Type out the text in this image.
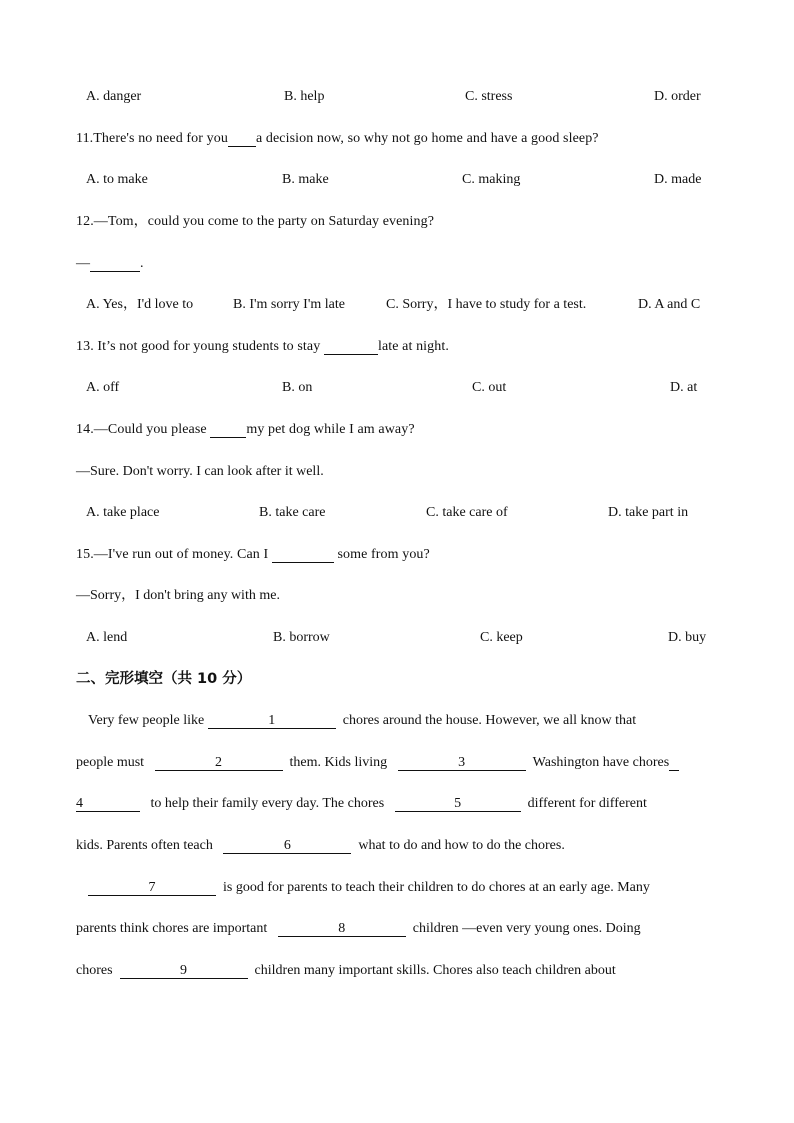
A. danger	B. help	C. stress	D. order
11.There's no need for you a decision now, so why not go home and have a good sleep?
A. to make	B. make	C. making	D. made
12.—Tom，could you come to the party on Saturday evening?
—	.
A. Yes，I'd love to	B. I'm sorry I'm late	C. Sorry，I have to study for a test.	D. A and C
13. It’s not good for young students to stay	late at night.
A. off	B. on	C. out	D. at
14.—Could you please	my pet dog while I am away?
—Sure. Don't worry. I can look after it well.
A. take place	B. take care	C. take care of	D. take part in
15.—I've run out of money. Can I	some from you?
—Sorry，I don't bring any with me.
A. lend	B. borrow	C. keep	D. buy
二、完形填空（共 10 分）
Very few people like	1	chores around the house. However, we all know that
people must	2	them. Kids living	3	Washington have chores
4	to help their family every day. The chores	5	different for different
kids. Parents often teach	6	what to do and how to do the chores.
7	is good for parents to teach their children to do chores at an early age. Many
parents think chores are important	8	children —even very young ones. Doing
chores	9	children many important skills. Chores also teach children about
